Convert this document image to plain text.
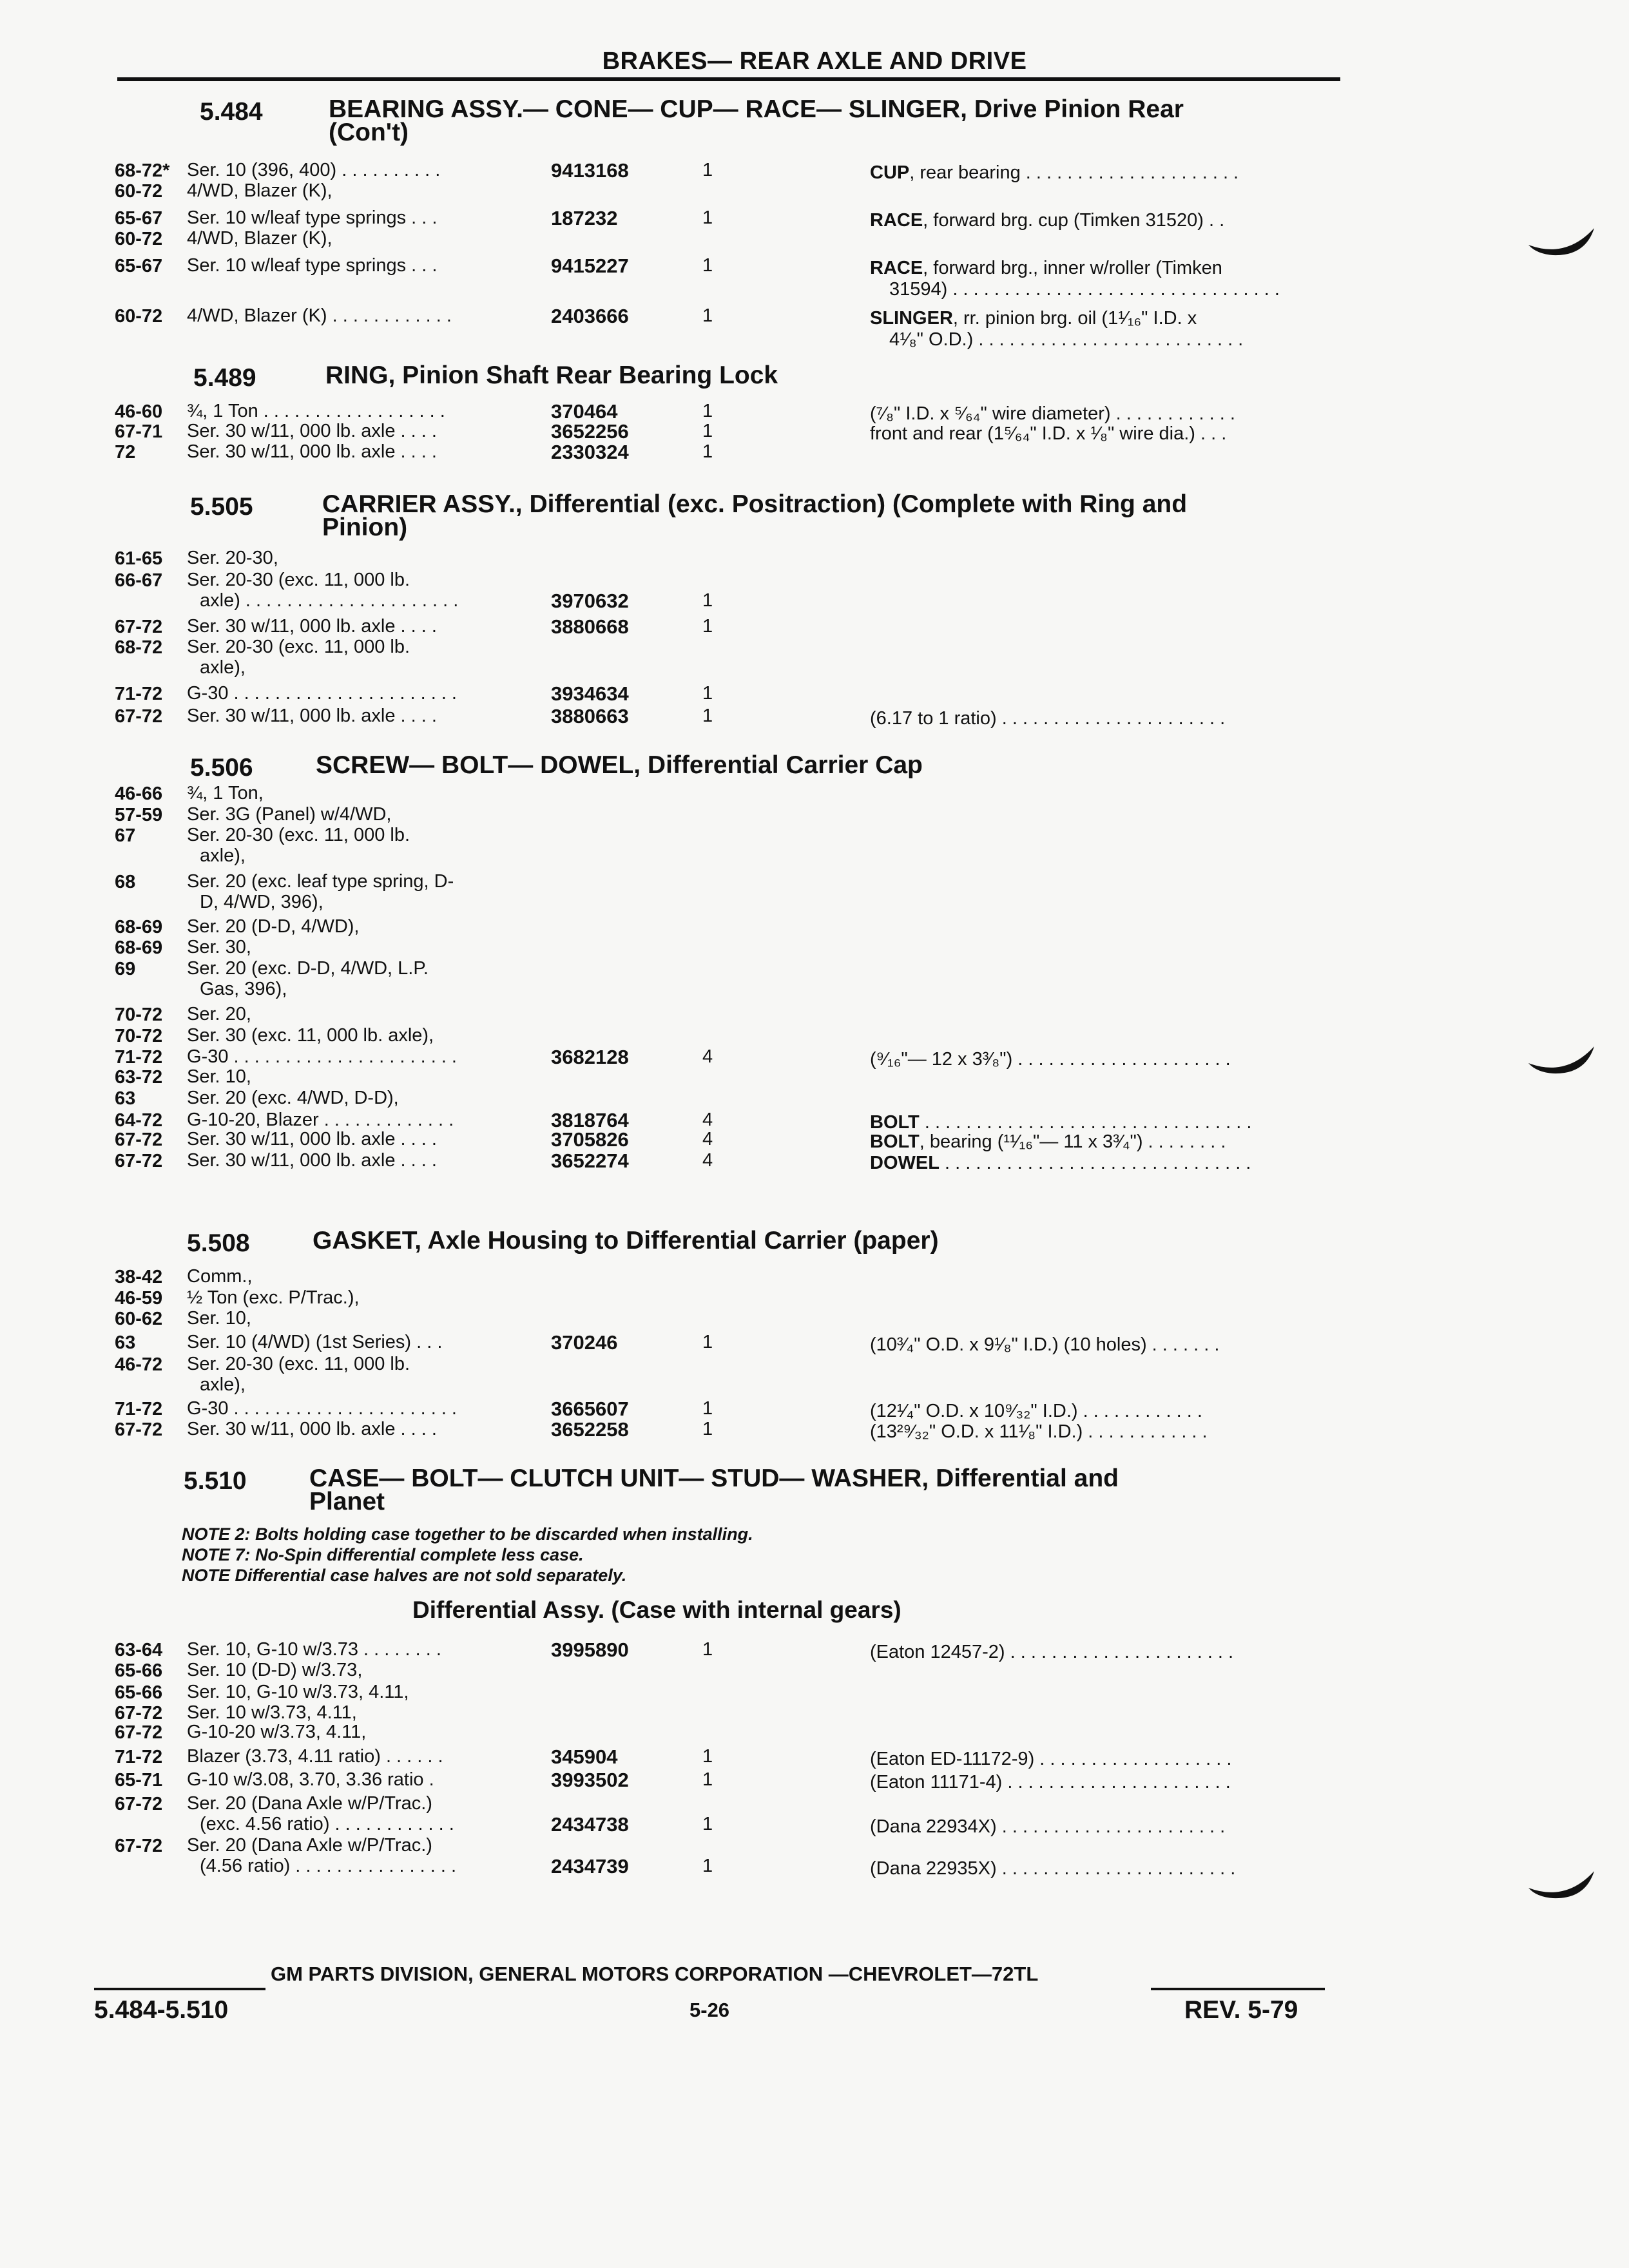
BRAKES— REAR AXLE AND DRIVE
5.484	BEARING ASSY.— CONE— CUP— RACE— SLINGER, Drive Pinion Rear
(Con't)
68-72* Ser. 10 (396, 400) . . . . . . . . . .	9413168	1	CUP, rear bearing . . . . . . . . . . . . . . . . . . . . .
60-72 4/WD, Blazer (K),
65-67 Ser. 10 w/leaf type springs . . .	187232	1	RACE, forward brg. cup (Timken 31520) . .
60-72 4/WD, Blazer (K),
65-67 Ser. 10 w/leaf type springs . . .	9415227	1	RACE, forward brg., inner w/roller (Timken
31594) . . . . . . . . . . . . . . . . . . . . . . . . . . . . . . . .
60-72 4/WD, Blazer (K) . . . . . . . . . . . .	2403666	1	SLINGER, rr. pinion brg. oil (1¹⁄₁₆" I.D. x
4¹⁄₈" O.D.) . . . . . . . . . . . . . . . . . . . . . . . . . .
5.489	RING, Pinion Shaft Rear Bearing Lock
46-60 ¾, 1 Ton . . . . . . . . . . . . . . . . . .	370464	1	(⁷⁄₈" I.D. x ⁵⁄₆₄" wire diameter) . . . . . . . . . . . .
67-71 Ser. 30 w/11, 000 lb. axle . . . .	3652256	1	front and rear (1⁵⁄₆₄" I.D. x ¹⁄₈" wire dia.) . . .
72	Ser. 30 w/11, 000 lb. axle . . . .	2330324	1
5.505	CARRIER ASSY., Differential (exc. Positraction) (Complete with Ring and
Pinion)
61-65 Ser. 20-30,
66-67 Ser. 20-30 (exc. 11, 000 lb.
axle) . . . . . . . . . . . . . . . . . . . . .	3970632	1
67-72 Ser. 30 w/11, 000 lb. axle . . . .	3880668	1
68-72 Ser. 20-30 (exc. 11, 000 lb.
axle),
71-72 G-30 . . . . . . . . . . . . . . . . . . . . . .	3934634	1
67-72 Ser. 30 w/11, 000 lb. axle . . . .	3880663	1	(6.17 to 1 ratio) . . . . . . . . . . . . . . . . . . . . . .
5.506 SCREW— BOLT— DOWEL, Differential Carrier Cap
46-66 ¾, 1 Ton,
57-59 Ser. 3G (Panel) w/4/WD,
67	Ser. 20-30 (exc. 11, 000 lb.
axle),
68	Ser. 20 (exc. leaf type spring, D-
D, 4/WD, 396),
68-69 Ser. 20 (D-D, 4/WD),
68-69 Ser. 30,
69	Ser. 20 (exc. D-D, 4/WD, L.P.
Gas, 396),
70-72 Ser. 20,
70-72 Ser. 30 (exc. 11, 000 lb. axle),
71-72 G-30 . . . . . . . . . . . . . . . . . . . . . .	3682128	4	(⁹⁄₁₆"— 12 x 3³⁄₈") . . . . . . . . . . . . . . . . . . . . .
63-72 Ser. 10,
63	Ser. 20 (exc. 4/WD, D-D),
64-72 G-10-20, Blazer . . . . . . . . . . . . .	3818764	4	BOLT . . . . . . . . . . . . . . . . . . . . . . . . . . . . . . . .
67-72 Ser. 30 w/11, 000 lb. axle . . . .	3705826	4	BOLT, bearing (¹¹⁄₁₆"— 11 x 3³⁄₄") . . . . . . . .
67-72 Ser. 30 w/11, 000 lb. axle . . . .	3652274	4	DOWEL . . . . . . . . . . . . . . . . . . . . . . . . . . . . . .
5.508 GASKET, Axle Housing to Differential Carrier (paper)
38-42 Comm.,
46-59 ½ Ton (exc. P/Trac.),
60-62 Ser. 10,
63	Ser. 10 (4/WD) (1st Series) . . .	370246	1	(10³⁄₄" O.D. x 9¹⁄₈" I.D.) (10 holes) . . . . . . .
46-72 Ser. 20-30 (exc. 11, 000 lb.
axle),
71-72 G-30 . . . . . . . . . . . . . . . . . . . . . .	3665607	1	(12¹⁄₄" O.D. x 10⁹⁄₃₂" I.D.) . . . . . . . . . . . .
67-72 Ser. 30 w/11, 000 lb. axle . . . .	3652258	1	(13²⁹⁄₃₂" O.D. x 11¹⁄₈" I.D.) . . . . . . . . . . . .
5.510 CASE— BOLT— CLUTCH UNIT— STUD— WASHER, Differential and
Planet
NOTE 2: Bolts holding case together to be discarded when installing.
NOTE 7: No-Spin differential complete less case.
NOTE Differential case halves are not sold separately.
Differential Assy. (Case with internal gears)
63-64 Ser. 10, G-10 w/3.73 . . . . . . . .	3995890	1	(Eaton 12457-2) . . . . . . . . . . . . . . . . . . . . . .
65-66 Ser. 10 (D-D) w/3.73,
65-66 Ser. 10, G-10 w/3.73, 4.11,
67-72 Ser. 10 w/3.73, 4.11,
67-72 G-10-20 w/3.73, 4.11,
71-72 Blazer (3.73, 4.11 ratio) . . . . . .	345904	1	(Eaton ED-11172-9) . . . . . . . . . . . . . . . . . . .
65-71 G-10 w/3.08, 3.70, 3.36 ratio .	3993502	1	(Eaton 11171-4) . . . . . . . . . . . . . . . . . . . . . .
67-72 Ser. 20 (Dana Axle w/P/Trac.)
(exc. 4.56 ratio) . . . . . . . . . . . .	2434738	1	(Dana 22934X) . . . . . . . . . . . . . . . . . . . . . .
67-72 Ser. 20 (Dana Axle w/P/Trac.)
(4.56 ratio) . . . . . . . . . . . . . . . .	2434739	1	(Dana 22935X) . . . . . . . . . . . . . . . . . . . . . . .
GM PARTS DIVISION, GENERAL MOTORS CORPORATION —CHEVROLET—72TL
5.484-5.510	5-26	REV. 5-79
